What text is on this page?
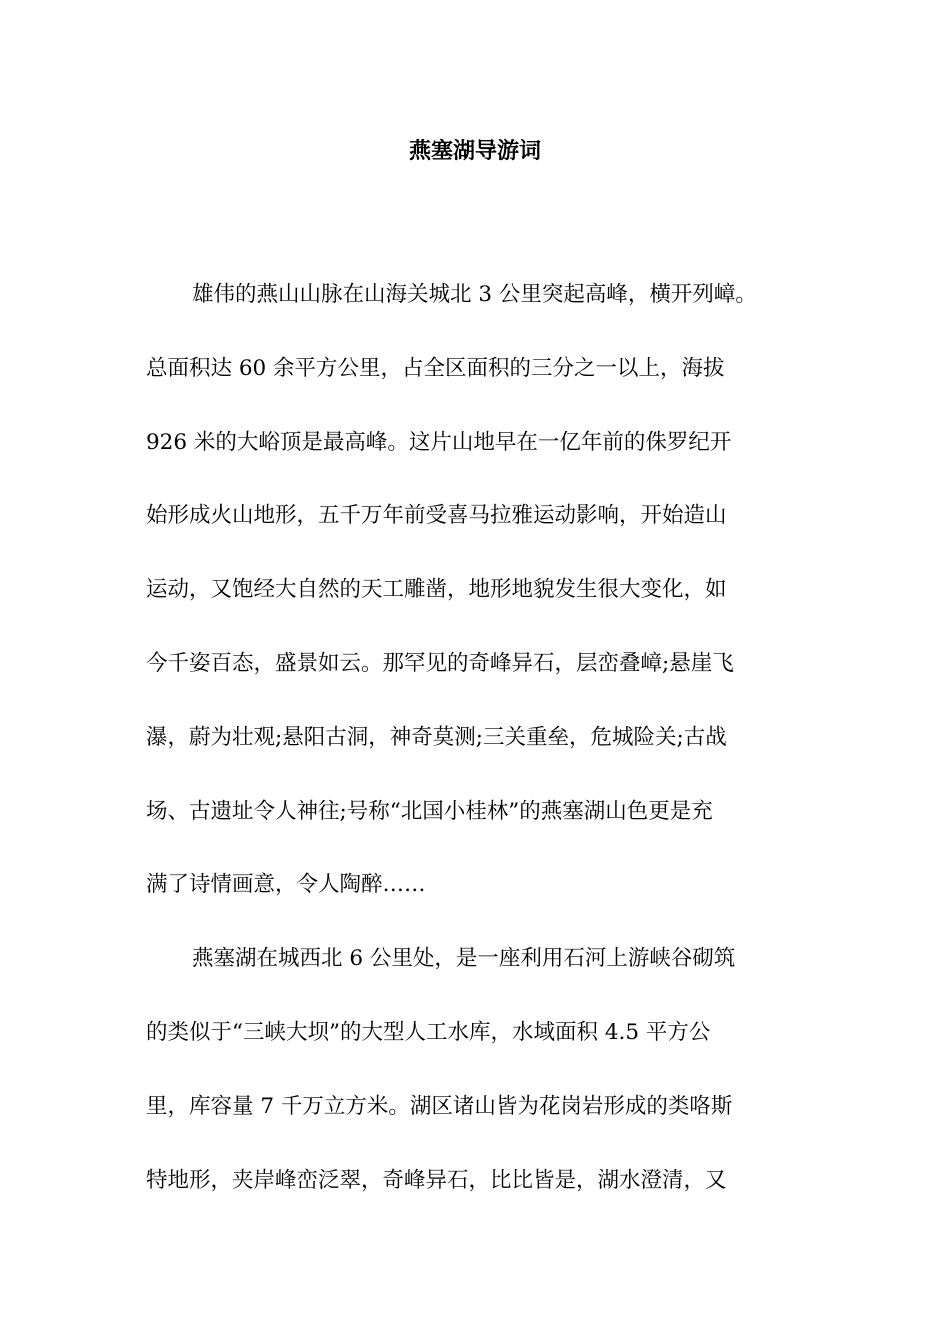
燕塞湖导游词
雄伟的燕山山脉在山海关城北 3 公里突起高峰，横开列嶂。
总面积达 60 余平方公里，占全区面积的三分之一以上，海拔
926 米的大峪顶是最高峰。这片山地早在一亿年前的侏罗纪开
始形成火山地形，五千万年前受喜马拉雅运动影响，开始造山
运动，又饱经大自然的天工雕凿，地形地貌发生很大变化，如
今千姿百态，盛景如云。那罕见的奇峰异石，层峦叠嶂;悬崖飞
瀑，蔚为壮观;悬阳古洞，神奇莫测;三关重垒，危城险关;古战
场、古遗址令人神往;号称“北国小桂林”的燕塞湖山色更是充
满了诗情画意，令人陶醉……
燕塞湖在城西北 6 公里处，是一座利用石河上游峡谷砌筑
的类似于“三峡大坝”的大型人工水库，水域面积 4.5 平方公
里，库容量 7 千万立方米。湖区诸山皆为花岗岩形成的类咯斯
特地形，夹岸峰峦泛翠，奇峰异石，比比皆是，湖水澄清，又
